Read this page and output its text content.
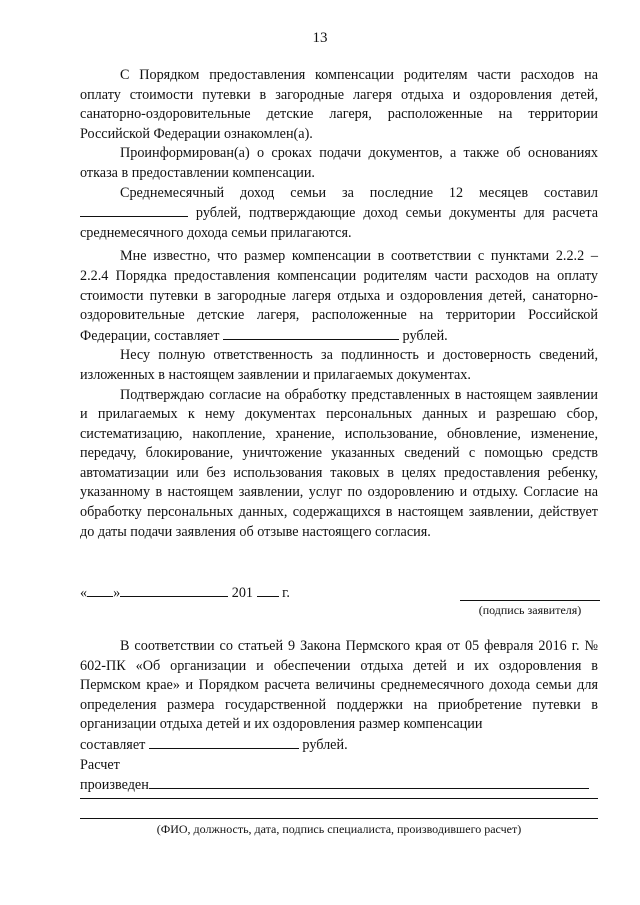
13

С Порядком предоставления компенсации родителям части расходов на оплату стоимости путевки в загородные лагеря отдыха и оздоровления детей, санаторно-оздоровительные детские лагеря, расположенные на территории Российской Федерации ознакомлен(а).

Проинформирован(а) о сроках подачи документов, а также об основаниях отказа в предоставлении компенсации.

Среднемесячный доход семьи за последние 12 месяцев составил  рублей, подтверждающие доход семьи документы для расчета среднемесячного дохода семьи прилагаются.

Мне известно, что размер компенсации в соответствии с пунктами 2.2.2 – 2.2.4 Порядка предоставления компенсации родителям части расходов на оплату стоимости путевки в загородные лагеря отдыха и оздоровления детей, санаторно-оздоровительные детские лагеря, расположенные на территории Российской Федерации, составляет	рублей.

Несу полную ответственность за подлинность и достоверность сведений, изложенных в настоящем заявлении и прилагаемых документах.

Подтверждаю согласие на обработку представленных в настоящем заявлении и прилагаемых к нему документах персональных данных и разрешаю сбор, систематизацию, накопление, хранение, использование, обновление, изменение, передачу, блокирование, уничтожение указанных сведений с помощью средств автоматизации или без использования таковых в целях предоставления ребенку, указанному в настоящем заявлении, услуг по оздоровлению и отдыху. Согласие на обработку персональных данных, содержащихся в настоящем заявлении, действует до даты подачи заявления об отзыве настоящего согласия.

« »	201 г.
(подпись заявителя)

В соответствии со статьей 9 Закона Пермского края от 05 февраля 2016 г. № 602-ПК «Об организации и обеспечении отдыха детей и их оздоровления в Пермском крае» и Порядком расчета величины среднемесячного дохода семьи для определения размера государственной поддержки на приобретение путевки в организации отдыха детей и их оздоровления размер компенсации

составляет	рублей.

Расчет

произведен

(ФИО, должность, дата, подпись специалиста, производившего расчет)
